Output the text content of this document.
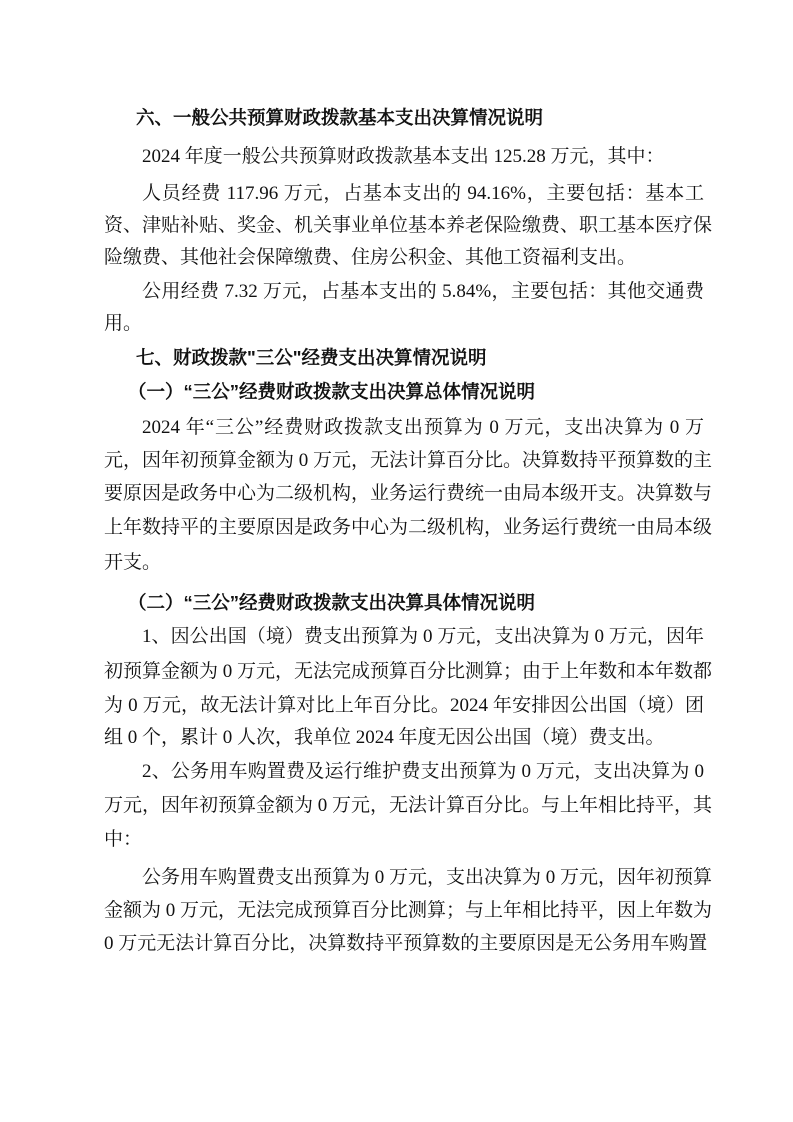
六、一般公共预算财政拨款基本支出决算情况说明
2024 年度一般公共预算财政拨款基本支出 125.28 万元，其中：
人员经费 117.96 万元，占基本支出的 94.16%，主要包括：基本工
资、津贴补贴、奖金、机关事业单位基本养老保险缴费、职工基本医疗保
险缴费、其他社会保障缴费、住房公积金、其他工资福利支出。
公用经费 7.32 万元，占基本支出的 5.84%，主要包括：其他交通费
用。
七、财政拨款"三公"经费支出决算情况说明
（一）“三公”经费财政拨款支出决算总体情况说明
2024 年“三公”经费财政拨款支出预算为 0 万元，支出决算为 0 万
元，因年初预算金额为 0 万元，无法计算百分比。决算数持平预算数的主
要原因是政务中心为二级机构，业务运行费统一由局本级开支。决算数与
上年数持平的主要原因是政务中心为二级机构，业务运行费统一由局本级
开支。
（二）“三公”经费财政拨款支出决算具体情况说明
1、因公出国（境）费支出预算为 0 万元，支出决算为 0 万元，因年
初预算金额为 0 万元，无法完成预算百分比测算；由于上年数和本年数都
为 0 万元，故无法计算对比上年百分比。2024 年安排因公出国（境）团
组 0 个，累计 0 人次，我单位 2024 年度无因公出国（境）费支出。
2、公务用车购置费及运行维护费支出预算为 0 万元，支出决算为 0
万元，因年初预算金额为 0 万元，无法计算百分比。与上年相比持平，其
中：
公务用车购置费支出预算为 0 万元，支出决算为 0 万元，因年初预算
金额为 0 万元，无法完成预算百分比测算；与上年相比持平，因上年数为
0 万元无法计算百分比，决算数持平预算数的主要原因是无公务用车购置
